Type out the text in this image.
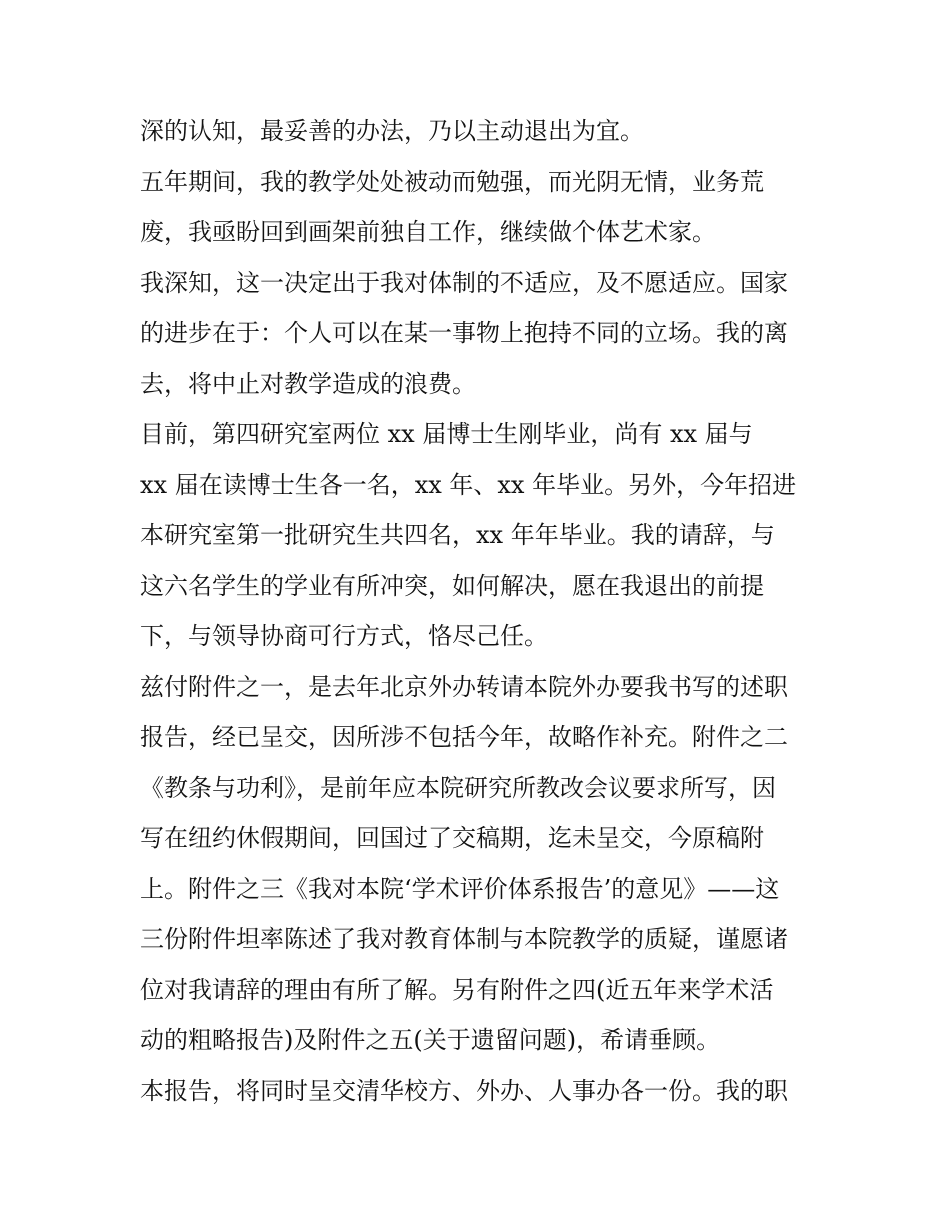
深的认知，最妥善的办法，乃以主动退出为宜。
五年期间，我的教学处处被动而勉强，而光阴无情，业务荒
废，我亟盼回到画架前独自工作，继续做个体艺术家。
我深知，这一决定出于我对体制的不适应，及不愿适应。国家
的进步在于：个人可以在某一事物上抱持不同的立场。我的离
去，将中止对教学造成的浪费。
目前，第四研究室两位 xx 届博士生刚毕业，尚有 xx 届与
xx 届在读博士生各一名，xx 年、xx 年毕业。另外，今年招进
本研究室第一批研究生共四名，xx 年年毕业。我的请辞，与
这六名学生的学业有所冲突，如何解决，愿在我退出的前提
下，与领导协商可行方式，恪尽己任。
兹付附件之一，是去年北京外办转请本院外办要我书写的述职
报告，经已呈交，因所涉不包括今年，故略作补充。附件之二
《教条与功利》，是前年应本院研究所教改会议要求所写，因
写在纽约休假期间，回国过了交稿期，迄未呈交，今原稿附
上。附件之三《我对本院‘学术评价体系报告’的意见》——这
三份附件坦率陈述了我对教育体制与本院教学的质疑，谨愿诸
位对我请辞的理由有所了解。另有附件之四(近五年来学术活
动的粗略报告)及附件之五(关于遗留问题)，希请垂顾。
本报告，将同时呈交清华校方、外办、人事办各一份。我的职
